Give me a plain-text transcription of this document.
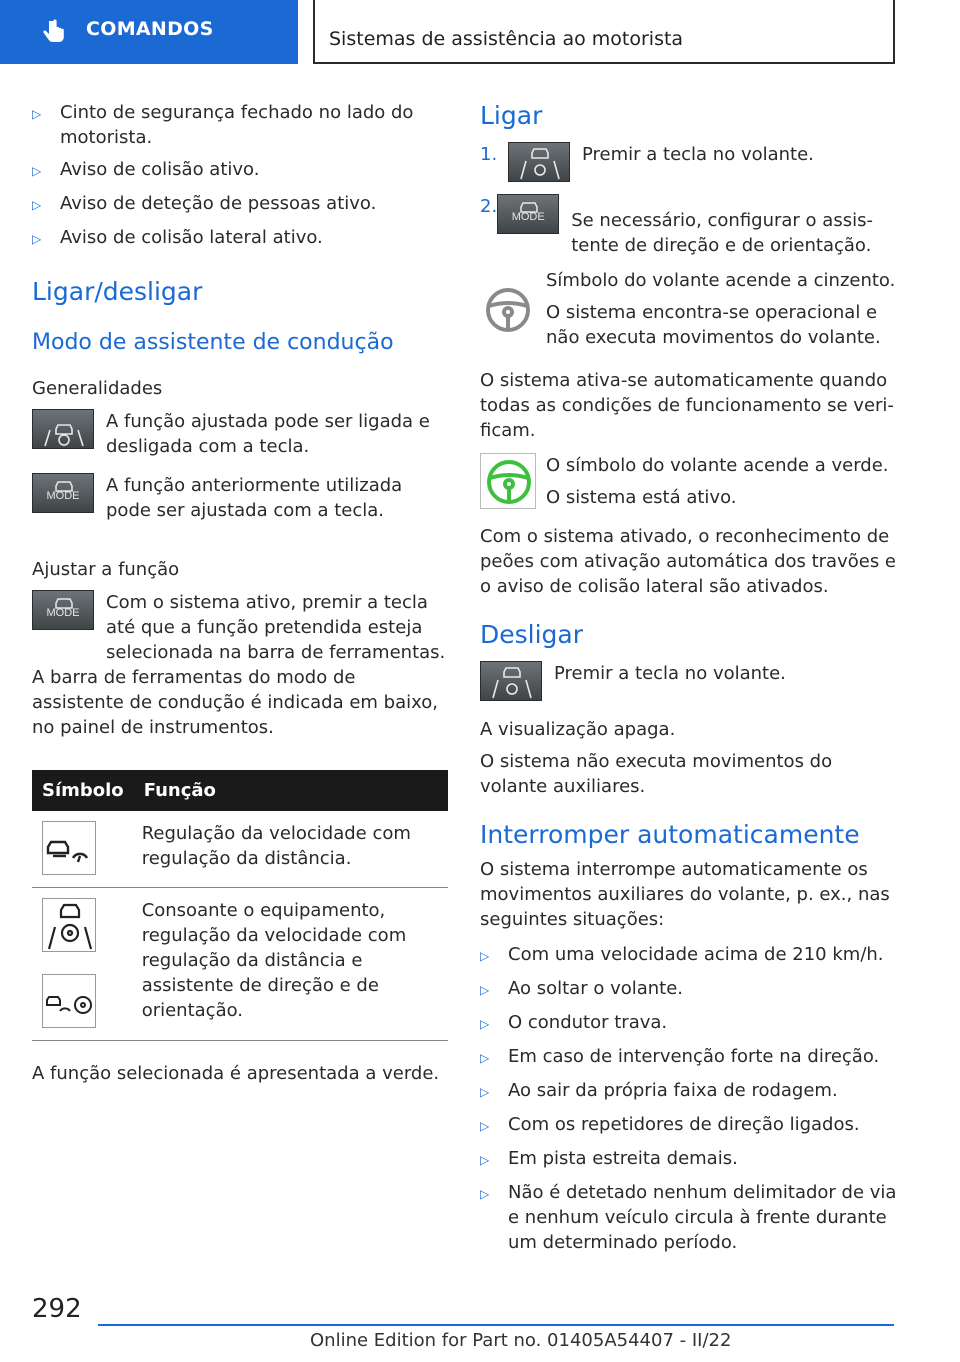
COMANDOS	Sistemas de assistência ao motorista
▷	Cinto de segurança fechado no lado do motorista.
▷	Aviso de colisão ativo.
▷	Aviso de deteção de pessoas ativo.
▷	Aviso de colisão lateral ativo.

Ligar/desligar

Modo de assistente de condução

Generalidades

A função ajustada pode ser ligada e desligada com a tecla.
MODE	A função anteriormente utilizada pode ser ajustada com a tecla.

Ajustar a função

MODE	Com o sistema ativo, premir a tecla até que a função pretendida esteja selecionada na barra de ferramentas.

A barra de ferramentas do modo de assistente de condução é indicada em baixo, no painel de instrumentos.

Símbolo	Função

	Regulação da velocidade com regulação da distância.

	Consoante o equipamento, regulação da velocidade com regulação da distância e assistente de direção e de orientação.

A função selecionada é apresentada a verde.

Ligar

1.	Premir a tecla no volante.
2.	MODE	Se necessário, configurar o assistente de direção e de orientação.

Símbolo do volante acende a cinzento.

O sistema encontra-se operacional e não executa movimentos do volante.

O sistema ativa-se automaticamente quando todas as condições de funcionamento se verificam.

O símbolo do volante acende a verde.

O sistema está ativo.

Com o sistema ativado, o reconhecimento de peões com ativação automática dos travões e o aviso de colisão lateral são ativados.

Desligar

Premir a tecla no volante.

A visualização apaga.

O sistema não executa movimentos do volante auxiliares.

Interromper automaticamente

O sistema interrompe automaticamente os movimentos auxiliares do volante, p. ex., nas seguintes situações:

▷	Com uma velocidade acima de 210 km/h.
▷	Ao soltar o volante.
▷	O condutor trava.
▷	Em caso de intervenção forte na direção.
▷	Ao sair da própria faixa de rodagem.
▷	Com os repetidores de direção ligados.
▷	Em pista estreita demais.
▷	Não é detetado nenhum delimitador de via e nenhum veículo circula à frente durante um determinado período.
292
Online Edition for Part no. 01405A54407 - II/22
